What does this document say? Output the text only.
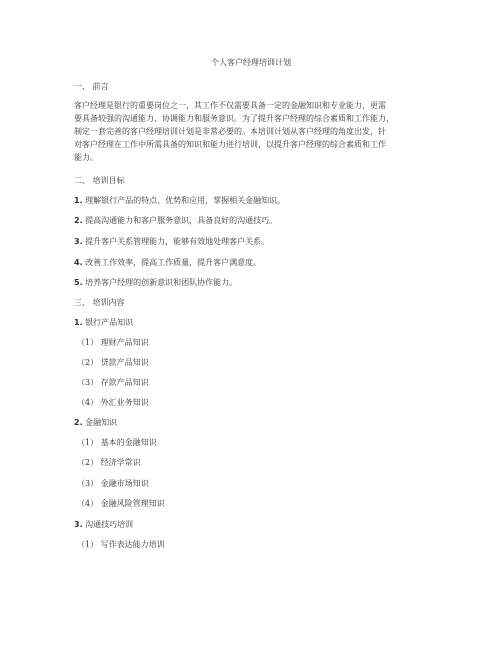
个人客户经理培训计划
一、 前言
客户经理是银行的重要岗位之一，其工作不仅需要具备一定的金融知识和专业能力，更需
要具备较强的沟通能力、协调能力和服务意识。为了提升客户经理的综合素质和工作能力，
制定一套完善的客户经理培训计划是非常必要的。本培训计划从客户经理的角度出发，针
对客户经理在工作中所需具备的知识和能力进行培训，以提升客户经理的综合素质和工作
能力。
二、 培训目标
1. 理解银行产品的特点、优势和应用，掌握相关金融知识。
2. 提高沟通能力和客户服务意识，具备良好的沟通技巧。
3. 提升客户关系管理能力，能够有效地处理客户关系。
4. 改善工作效率，提高工作质量，提升客户满意度。
5. 培养客户经理的创新意识和团队协作能力。
三、 培训内容
1. 银行产品知识
（1） 理财产品知识
（2） 贷款产品知识
（3） 存款产品知识
（4） 外汇业务知识
2. 金融知识
（1） 基本的金融知识
（2） 经济学常识
（3） 金融市场知识
（4） 金融风险管理知识
3. 沟通技巧培训
（1） 写作表达能力培训
